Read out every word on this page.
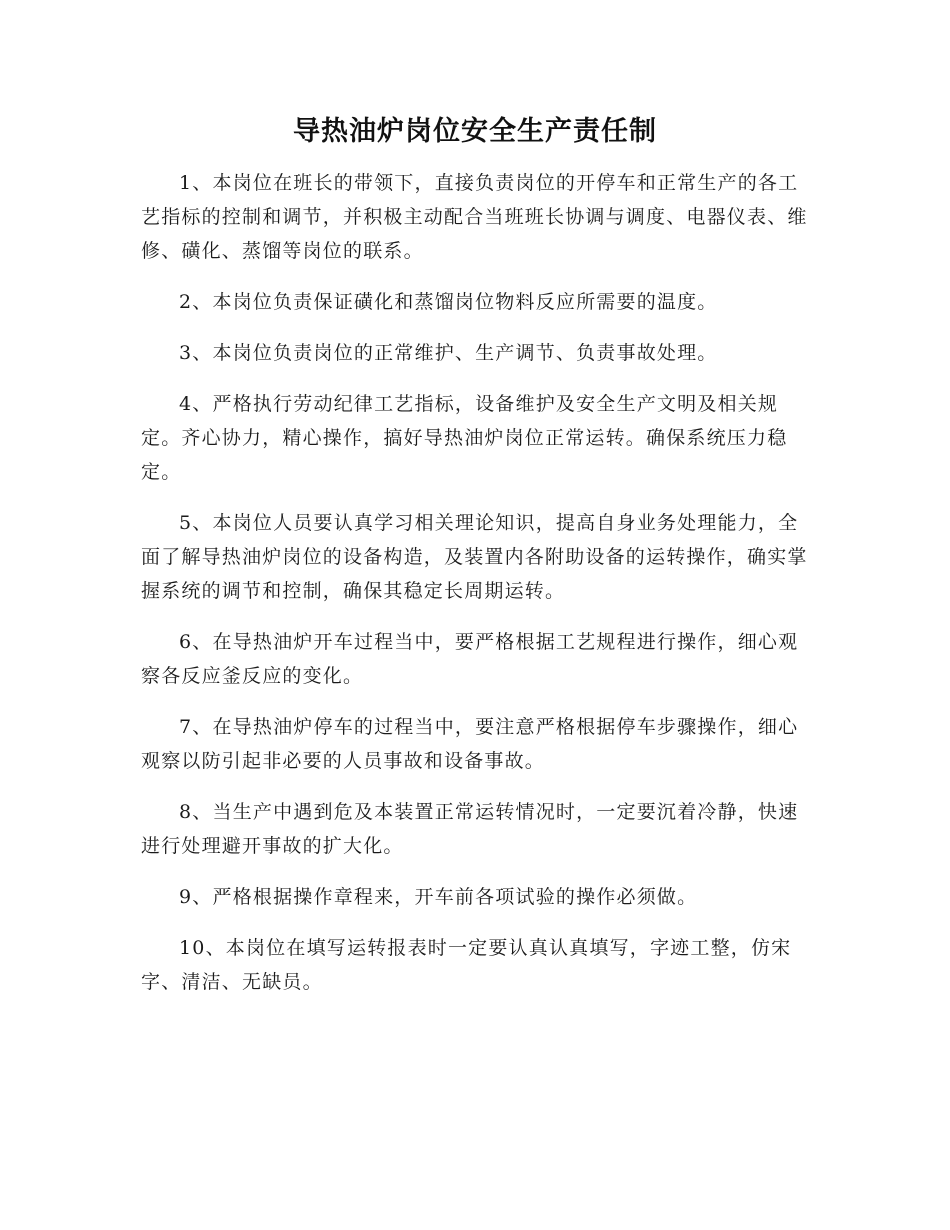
导热油炉岗位安全生产责任制

1、本岗位在班长的带领下，直接负责岗位的开停车和正常生产的各工艺指标的控制和调节，并积极主动配合当班班长协调与调度、电器仪表、维修、磺化、蒸馏等岗位的联系。

2、本岗位负责保证磺化和蒸馏岗位物料反应所需要的温度。

3、本岗位负责岗位的正常维护、生产调节、负责事故处理。

4、严格执行劳动纪律工艺指标，设备维护及安全生产文明及相关规定。齐心协力，精心操作，搞好导热油炉岗位正常运转。确保系统压力稳定。

5、本岗位人员要认真学习相关理论知识，提高自身业务处理能力，全面了解导热油炉岗位的设备构造，及装置内各附助设备的运转操作，确实掌握系统的调节和控制，确保其稳定长周期运转。

6、在导热油炉开车过程当中，要严格根据工艺规程进行操作，细心观察各反应釜反应的变化。

7、在导热油炉停车的过程当中，要注意严格根据停车步骤操作，细心观察以防引起非必要的人员事故和设备事故。

8、当生产中遇到危及本装置正常运转情况时，一定要沉着冷静，快速进行处理避开事故的扩大化。

9、严格根据操作章程来，开车前各项试验的操作必须做。

10、本岗位在填写运转报表时一定要认真认真填写，字迹工整，仿宋字、清洁、无缺员。
